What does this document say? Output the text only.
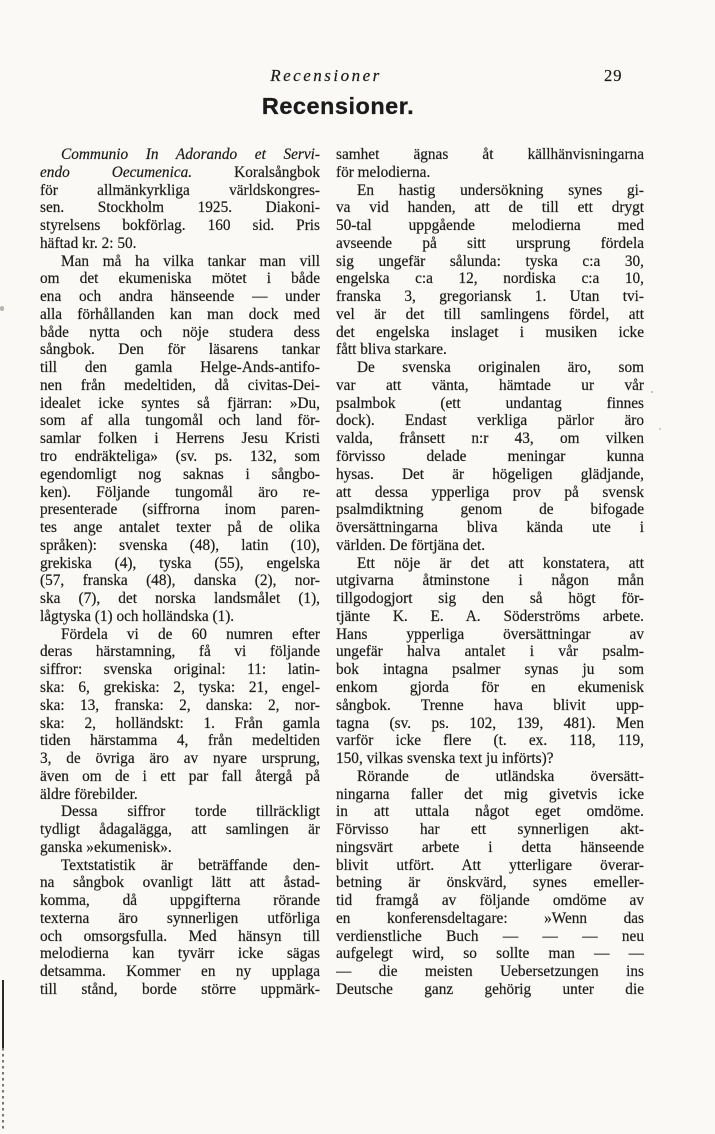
Recensioner	29
Recensioner.
Communio In Adorando et Servi-
endo Oecumenica.	Koralsångbok
för allmänkyrkliga världskongres-
sen. Stockholm 1925. Diakoni-
styrelsens bokförlag. 160 sid. Pris
häftad kr. 2: 50.
Man må ha vilka tankar man vill
om det ekumeniska mötet i både
ena och andra hänseende — under
alla förhållanden kan man dock med
både nytta och nöje studera dess
sångbok. Den för läsarens tankar
till den gamla Helge-Ands-antifo-
nen från medeltiden, då civitas-Dei-
idealet icke syntes så fjärran: »Du,
som af alla tungomål och land för-
samlar folken i Herrens Jesu Kristi
tro endräkteliga» (sv. ps. 132, som
egendomligt nog saknas i sångbo-
ken). Följande tungomål äro re-
presenterade (siffrorna inom paren-
tes ange antalet texter på de olika
språken): svenska (48), latin (10),
grekiska (4), tyska (55), engelska
(57, franska (48), danska (2), nor-
ska (7), det norska landsmålet (1),
lågtyska (1) och holländska (1).
Fördela vi de 60 numren efter
deras härstamning, få vi följande
siffror: svenska original: 11: latin-
ska: 6, grekiska: 2, tyska: 21, engel-
ska: 13, franska: 2, danska: 2, nor-
ska: 2, holländskt: 1. Från gamla
tiden härstamma 4, från medeltiden
3, de övriga äro av nyare ursprung,
även om de i ett par fall återgå på
äldre förebilder.
Dessa siffror torde tillräckligt
tydligt ådagalägga, att samlingen är
ganska »ekumenisk».
Textstatistik är beträffande den-
na sångbok ovanligt lätt att åstad-
komma, då uppgifterna rörande
texterna äro synnerligen utförliga
och omsorgsfulla. Med hänsyn till
melodierna kan tyvärr icke sägas
detsamma. Kommer en ny upplaga
till stånd, borde större uppmärk-
samhet ägnas åt källhänvisningarna
för melodierna.
En hastig undersökning synes gi-
va vid handen, att de till ett drygt
50-tal uppgående melodierna med
avseende på sitt ursprung fördela
sig ungefär sålunda: tyska c:a 30,
engelska c:a 12, nordiska c:a 10,
franska 3, gregoriansk 1. Utan tvi-
vel är det till samlingens fördel, att
det engelska inslaget i musiken icke
fått bliva starkare.
De svenska originalen äro, som
var att vänta, hämtade ur vår
psalmbok (ett undantag finnes
dock). Endast verkliga pärlor äro
valda, frånsett n:r 43, om vilken
förvisso delade meningar kunna
hysas. Det är högeligen glädjande,
att dessa ypperliga prov på svensk
psalmdiktning genom de bifogade
översättningarna bliva kända ute i
världen. De förtjäna det.
Ett nöje är det att konstatera, att
utgivarna åtminstone i någon mån
tillgodogjort sig den så högt för-
tjänte K. E. A. Söderströms arbete.
Hans ypperliga översättningar av
ungefär halva antalet i vår psalm-
bok intagna psalmer synas ju som
enkom gjorda för en ekumenisk
sångbok. Trenne hava blivit upp-
tagna (sv. ps. 102, 139, 481). Men
varför icke flere (t. ex. 118, 119,
150, vilkas svenska text ju införts)?
Rörande de utländska översätt-
ningarna faller det mig givetvis icke
in att uttala något eget omdöme.
Förvisso har ett synnerligen akt-
ningsvärt arbete i detta hänseende
blivit utfört. Att ytterligare överar-
betning är önskvärd, synes emeller-
tid framgå av följande omdöme av
en konferensdeltagare: »Wenn das
verdienstliche Buch — — — neu
aufgelegt wird, so sollte man — —
— die meisten Uebersetzungen ins
Deutsche ganz gehörig unter die
